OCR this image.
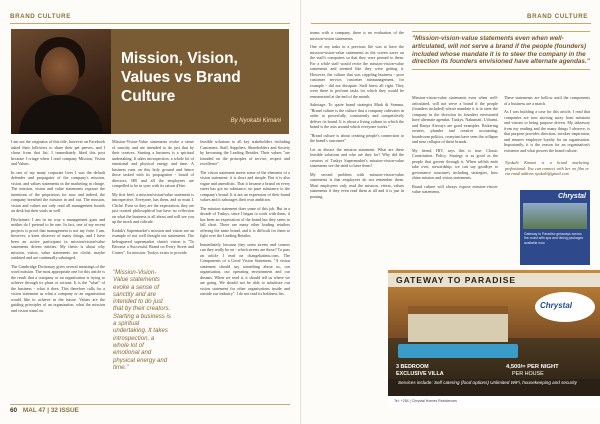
BRAND CULTURE
Mission, Vision, Values vs Brand Culture
By Nyokabi Kimani

I am not the originator of this title, however on Facebook asked their followers to share their pet peeves, and I chose from that list. I immediately liked this post because I cringe when I read company Mission, Vision and Values.

In one of my many corporate lives I was the default defender and propagator of the company's mission, vision, and values statements in the marketing in charge. The mission, vision and value statements espouse the intentions of the proprietors for now and indeed, the company breathed the mission in and out. The mission, vision and values not only read all management boards on desk but their souls as well.

Disclaimer: I am in no way a management guru and neither do I pretend to be one. In fact, one of my recent projects is proof that management is not my forte. I am, however, a keen observer of many things, and I have been an active participant in mission/vision/value statements driven entities. My thesis is about why mission, vision, value statements are cliché, maybe outdated and are continually sabotaged.

The Cambridge Dictionary gives several meanings of the word mission. The most appropriate one for this article is the result that a company or an organisation is trying to achieve through its plans or actions. It is the "what" of the business - what it does. This therefore calls for a vision statement as what a company or an organisation would like to achieve in the future. Values are the guiding principles of an organisation, what the mission and vision stand on.

Mission-Vision-Value statements evoke a sense of sanctity and are intended to do just that by their creators. Starting a business is a spiritual undertaking. It takes introspection, a whole lot of emotional and physical energy and time. A business runs on this holy ground and hence those tasked with its propagation - board of directors, HR and all the employees are compelled to be in sync with its raison d'être.

My first beef: a mission/vision/value statement is introspective. Everyone, has them, and so must I. Cliché. Even so they are the expectation, they are just created philosophical but have no reflection on what the business is all about and will see you up the mock and ridicule.

Kodak's Supermarket's mission and vision are an example of not well thought out statements. The beleaguered supermarket chain's vision is "To Become a Successful Brand on Every Street and Corner". Its mission: Tuskys exists to provide

"Mission-Vision-Value statements evoke a sense of sanctity and are intended to do just that by their creators. Starting a business is a spiritual undertaking. It takes introspection, a whole lot of emotional and physical energy and time."

feasible solutions to all key stakeholders including Customers, Staff, Suppliers, Shareholders and Society by becoming the Leading Retailer. Their values "are founded on the principles of service, respect and excellence".

The vision statement meets some of the elements of a vision statement: it is short and simple. But it is also vague and unrealistic. That it became a brand on every street has got no substance, no pure substance to the company's brand. It is not an expression of their brand values and it sabotages their own ambition.

The mission statement does some of this job. But in a decade of Tuskys, since I began to work with them, it has been an expectation of the brand but they seem to fall short. There are many other leading retailers offering the same brand, and it is difficult for them to fight over the Leading Retailer.

Immediately, because they seem streets and corners can they really be on - which streets are those? To pass an article I read on changekatimu.com, The Components of a Good Vision Statement, "A vision statement should say something about us, our organisation, our operating environment and our dreams. When we read it, it should tell us where we are going. We should not be able to substitute our vision statement for other organisations inside and outside our industry". I do not read its boldness fits.

60 MAL 47 | 32 ISSUE
BRAND CULTURE

teams with a company, there is no evaluation of the mission-vision statements.

One of my tasks in a previous life was to have the mission-vision-value statements as the screen saver on the staff's computers so that they were primed to them. For a while staff would recite the mission-vision-value statements and seemed like they were getting it. However, the culture that was crippling business - poor customer service, customer mismanagement, for example - did not dissipate. Staff knew all right. They were there to perform tasks for which they would be remunerated at the end of the month.

Sabotage: To quote brand strategist Mark di Somma, "Brand culture is the culture that a company cultivates in order to powerfully, consistently and competitively deliver its brand. It is about a living culture in which the brand is the axis around which everyone works."

"Brand culture is about creating people's connection to the brand's outcomes"

Let us dissect the mission statement. What are these feasible solutions and who are they for? Why did the creators of Tuskys Supermarket's mission-vision-value statements see the need to have them?

My second problem with mission-vision-value statements is that employees do not remember them. Most employees only read the mission, vision, values statements if they even read them at all and it is just in passing.

"Mission-vision-value statements even when well-articulated, will not serve a brand if the people (founders) included whose mandate it is to steer the company in the direction its founders envisioned have alternate agendas."

Mission-vision-value statements even when well-articulated, will not serve a brand if the people (founders included) whose mandate it is to steer the company in the direction its founders envisioned have alternate agendas. Tuskys, Nakumatt, Uchumi, and Kenya Airways are good examples. Bickering owners, plunder and creative accounting, boardroom politics, cronyism have seen the collapse and near collapse of these brands.

My friend, HIV, says this is true: Classic Constitution. Policy. Strategy is as good as the people that govern through it. When selfish ends take over, stewardship, we can say goodbye to governance structures including strategies, how shine mission and vision statements.

Brand culture will always expose mission-vision-value statements.

These statements are hollow until the components of a business are a match.

As I was building a case for this article, I read that companies are now moving away from missions and visions to being purpose driven. My takeaway from my reading and the many things I observe, is that purpose provides direction, invokes inspiration, and ensures employee loyalty for an organisation. Importantly, it is the reason for an organisation's existence and what powers the brand culture.

Nyokabi Kimani is a brand marketing professional. You can connect with her on film or via email address nyokabi@gmail.com
Chrystal
Gateway to Paradise getaways across the coast with spa and dining packages available now.
GATEWAY TO PARADISE
Chrystal
3 BEDROOM
EXCLUSIVE VILLA
4,500/= PER NIGHT
PER HOUSE
Services include: Self catering (food options) Unlimited WiFi, housekeeping and security
Tel: +254 | Chrystal Homes Residences
